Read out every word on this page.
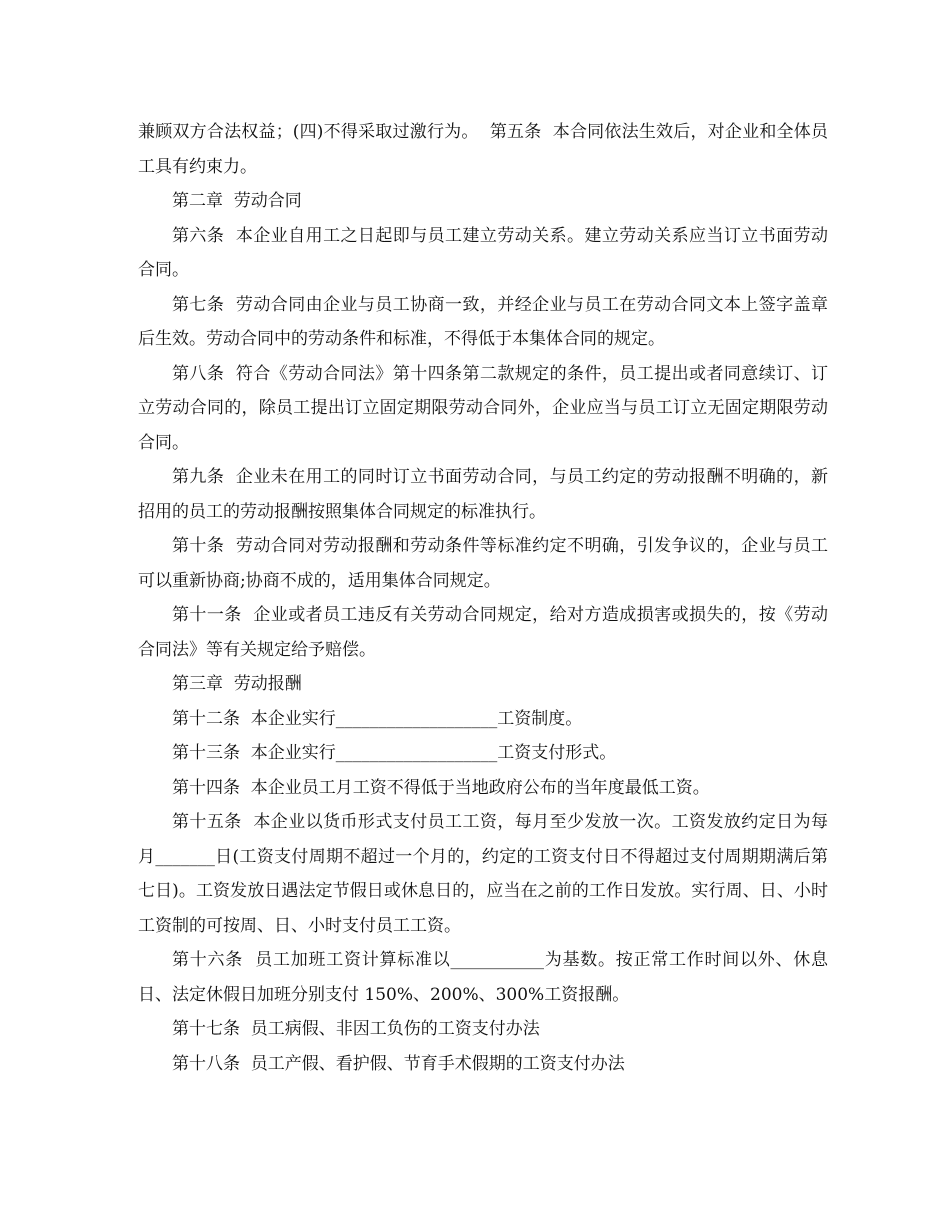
兼顾双方合法权益；(四)不得采取过激行为。  第五条  本合同依法生效后，对企业和全体员工具有约束力。

第二章  劳动合同

第六条  本企业自用工之日起即与员工建立劳动关系。建立劳动关系应当订立书面劳动合同。

第七条  劳动合同由企业与员工协商一致，并经企业与员工在劳动合同文本上签字盖章后生效。劳动合同中的劳动条件和标准，不得低于本集体合同的规定。

第八条  符合《劳动合同法》第十四条第二款规定的条件，员工提出或者同意续订、订立劳动合同的，除员工提出订立固定期限劳动合同外，企业应当与员工订立无固定期限劳动合同。

第九条  企业未在用工的同时订立书面劳动合同，与员工约定的劳动报酬不明确的，新招用的员工的劳动报酬按照集体合同规定的标准执行。

第十条  劳动合同对劳动报酬和劳动条件等标准约定不明确，引发争议的，企业与员工可以重新协商;协商不成的，适用集体合同规定。

第十一条  企业或者员工违反有关劳动合同规定，给对方造成损害或损失的，按《劳动合同法》等有关规定给予赔偿。

第三章  劳动报酬

第十二条  本企业实行___________________工资制度。

第十三条  本企业实行___________________工资支付形式。

第十四条  本企业员工月工资不得低于当地政府公布的当年度最低工资。

第十五条  本企业以货币形式支付员工工资，每月至少发放一次。工资发放约定日为每月_______日(工资支付周期不超过一个月的，约定的工资支付日不得超过支付周期期满后第七日)。工资发放日遇法定节假日或休息日的，应当在之前的工作日发放。实行周、日、小时工资制的可按周、日、小时支付员工工资。

第十六条  员工加班工资计算标准以___________为基数。按正常工作时间以外、休息日、法定休假日加班分别支付 150%、200%、300%工资报酬。

第十七条  员工病假、非因工负伤的工资支付办法

第十八条  员工产假、看护假、节育手术假期的工资支付办法
